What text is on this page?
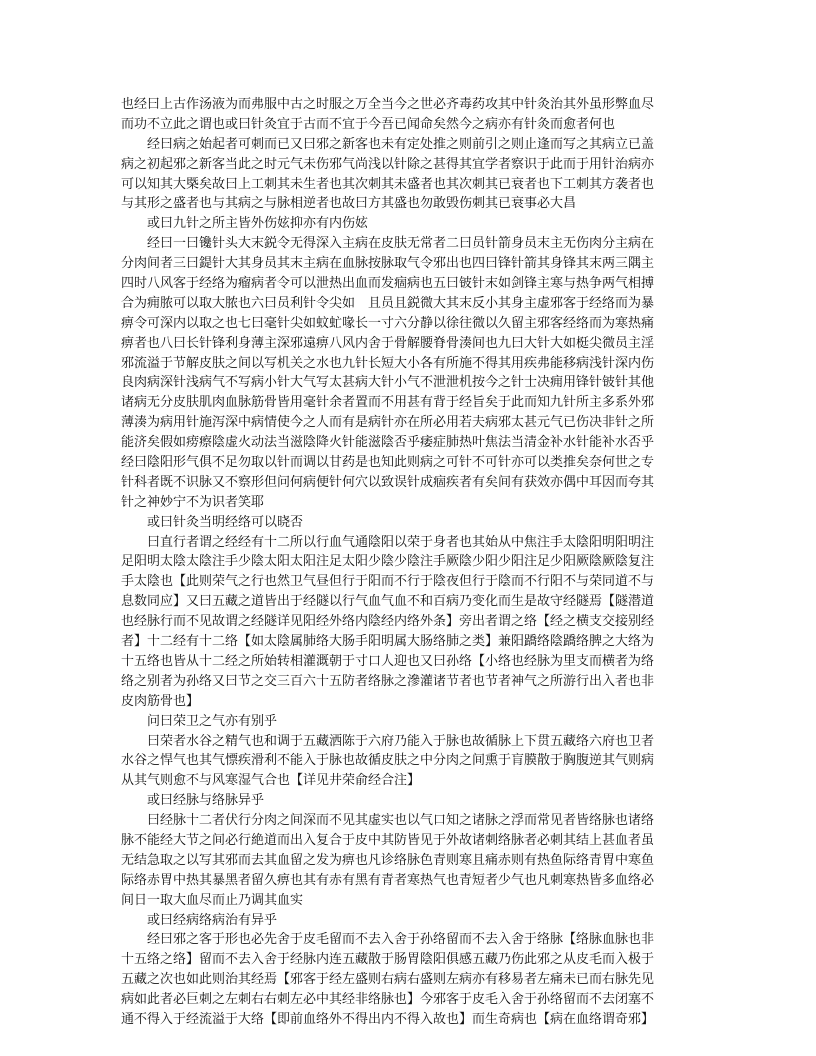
也经曰上古作汤液为而弗服中古之时服之万全当今之世必齐毒药攻其中针灸治其外虽形弊血尽
而功不立此之谓也或曰针灸宜于古而不宜于今吾已闻命矣然今之病亦有针灸而愈者何也
经曰病之始起者可刺而已又曰邪之新客也未有定处推之则前引之则止逢而写之其病立已盖
病之初起邪之新客当此之时元气未伤邪气尚浅以针除之甚得其宜学者察识于此而于用针治病亦
可以知其大槩矣故曰上工刺其未生者也其次刺其未盛者也其次刺其已衰者也下工刺其方袭者也
与其形之盛者也与其病之与脉相逆者也故曰方其盛也勿敢毁伤刺其已衰事必大昌
或曰九针之所主皆外伤妶抑亦有内伤妶
经曰一曰镵针头大末鋭令无得深入主病在皮肤无常者二曰员针箭身员末主无伤肉分主病在
分肉间者三曰鍉针大其身员其末主病在血脉按脉取气令邪出也四曰锋针箭其身锋其末两三隅主
四时八风客于经络为瘤病者令可以泄热出血而发痼病也五曰铍针末如剑锋主寒与热争两气相搏
合为痈脓可以取大脓也六曰员利针令尖如　且员且鋭微大其末反小其身主虚邪客于经络而为暴
痹令可深内以取之也七曰毫针尖如蚊虻喙长一寸六分静以徐往微以久留主邪客经络而为寒热痛
痹者也八曰长针锋利身薄主深邪遠痹八风内舍于骨解腰脊骨湊间也九曰大针大如梃尖微员主淫
邪流溢于节解皮肤之间以写机关之水也九针长短大小各有所施不得其用疾弗能移病浅针深内伤
良肉病深针浅病气不写病小针大气写太甚病大针小气不泄泄机按今之针士决痈用锋针铍针其他
诸病无分皮肤肌肉血脉筋骨皆用毫针余者置而不用甚有背于经旨矣于此而知九针所主多系外邪
薄湊为病用针施泻深中病情使今之人而有是病针亦在所必用若夫病邪太甚元气已伤决非针之所
能济矣假如痨瘵陰虚火动法当滋陰降火针能滋陰否乎痿症肺热叶焦法当清金补水针能补水否乎
经曰陰阳形气俱不足勿取以针而调以甘药是也知此则病之可针不可针亦可以类推矣奈何世之专
针科者既不识脉又不察形但问何病便针何穴以致误针成痼疾者有矣间有获效亦偶中耳因而夸其
针之神妙宁不为识者笑耶
或曰针灸当明经络可以晓否
曰直行者谓之经经有十二所以行血气通陰阳以荣于身者也其始从中焦注手太陰阳明阳明注
足阳明太陰太陰注手少陰太阳太阳注足太阳少陰少陰注手厥陰少阳少阳注足少阳厥陰厥陰复注
手太陰也【此则荣气之行也然卫气昼但行于阳而不行于陰夜但行于陰而不行阳不与荣同道不与
息数同应】又曰五藏之道皆出于经隧以行气血气血不和百病乃变化而生是故守经隧焉【隧潜道
也经脉行而不见故谓之经隧详见阳经外络内陰经内络外条】旁出者谓之络【经之横支交接别经
者】十二经有十二络【如太陰属肺络大肠手阳明属大肠络肺之类】兼阳蹻络陰蹻络脾之大络为
十五络也皆从十二经之所始转相灌溉朝于寸口人迎也又曰孙络【小络也经脉为里支而横者为络
络之别者为孙络又曰节之交三百六十五防者络脉之滲灌诸节者也节者神气之所游行出入者也非
皮肉筋骨也】
问曰荣卫之气亦有别乎
曰荣者水谷之精气也和调于五藏洒陈于六府乃能入于脉也故循脉上下贯五藏络六府也卫者
水谷之悍气也其气慓疾滑利不能入于脉也故循皮肤之中分肉之间熏于肓膜散于胸腹逆其气则病
从其气则愈不与风寒湿气合也【详见井荣俞经合注】
或曰经脉与络脉异乎
曰经脉十二者伏行分肉之间深而不见其虚实也以气口知之诸脉之浮而常见者皆络脉也诸络
脉不能经大节之间必行絶道而出入复合于皮中其防皆见于外故诸刺络脉者必刺其结上甚血者虽
无结急取之以写其邪而去其血留之发为痹也凡诊络脉色青则寒且痛赤则有热鱼际络青胃中寒鱼
际络赤胃中热其暴黑者留久痹也其有赤有黑有青者寒热气也青短者少气也凡刺寒热皆多血络必
间日一取大血尽而止乃调其血实
或曰经病络病治有异乎
经曰邪之客于形也必先舍于皮毛留而不去入舍于孙络留而不去入舍于络脉【络脉血脉也非
十五络之络】留而不去入舍于经脉内连五藏散于肠胃陰阳俱感五藏乃伤此邪之从皮毛而入极于
五藏之次也如此则治其经焉【邪客于经左盛则右病右盛则左病亦有移易者左痛未已而右脉先见
病如此者必巨刺之左刺右右刺左必中其经非络脉也】今邪客于皮毛入舍于孙络留而不去闭塞不
通不得入于经流溢于大络【即前血络外不得出内不得入故也】而生奇病也【病在血络谓奇邪】
